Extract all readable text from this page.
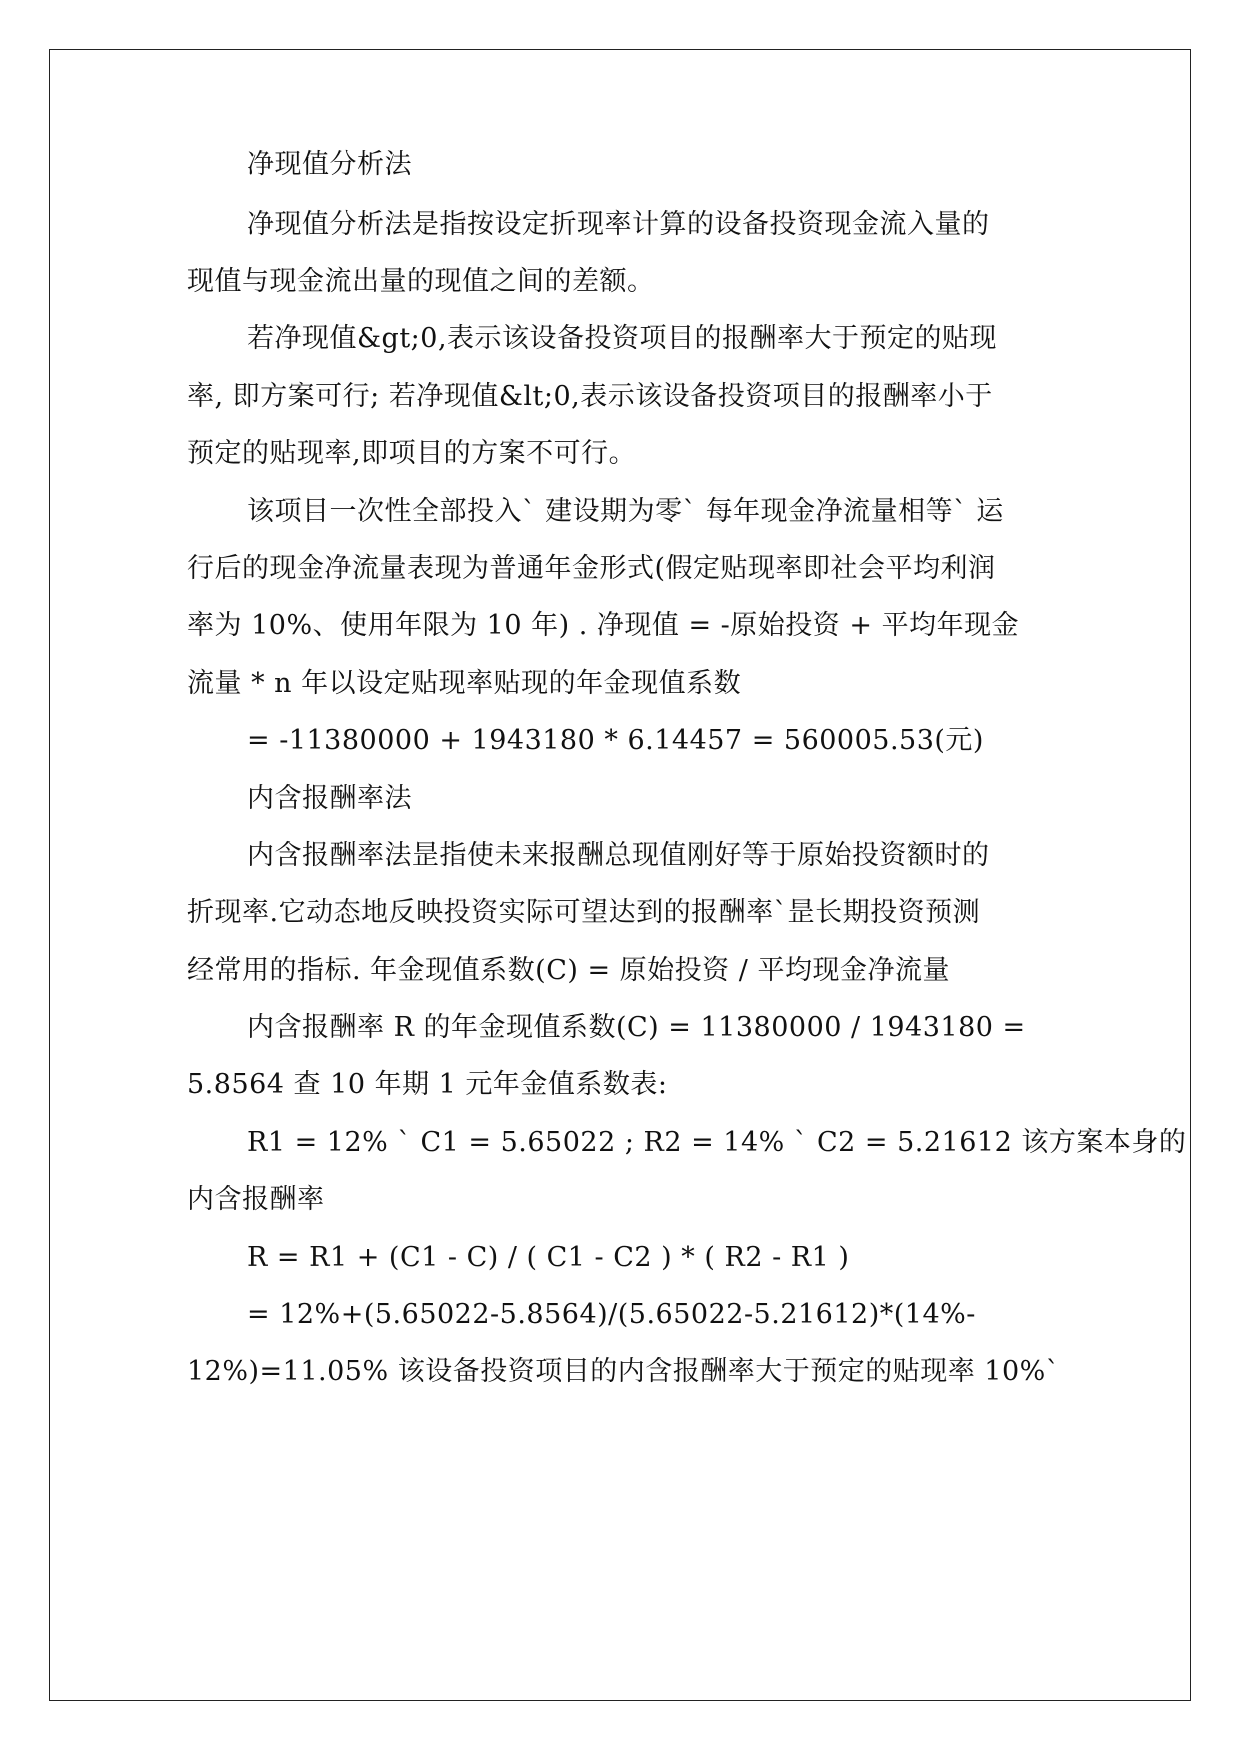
净现值分析法
净现值分析法是指按设定折现率计算的设备投资现金流入量的
现值与现金流出量的现值之间的差额。
若净现值&gt;0,表示该设备投资项目的报酬率大于预定的贴现
率, 即方案可行; 若净现值&lt;0,表示该设备投资项目的报酬率小于
预定的贴现率,即项目的方案不可行。
该项目一次性全部投入` 建设期为零` 每年现金净流量相等` 运
行后的现金净流量表现为普通年金形式(假定贴现率即社会平均利润
率为 10%、使用年限为 10 年) . 净现值 = -原始投资 + 平均年现金
流量 * n 年以设定贴现率贴现的年金现值系数
= -11380000 + 1943180 * 6.14457 = 560005.53(元)
内含报酬率法
内含报酬率法昰指使未来报酬总现值刚好等于原始投资额时的
折现率.它动态地反映投资实际可望达到的报酬率`昰长期投资预测
经常用的指标. 年金现值系数(C) = 原始投资 / 平均现金净流量
内含报酬率 R 的年金现值系数(C) = 11380000 / 1943180 =
5.8564 查 10 年期 1 元年金值系数表:
R1 = 12% ` C1 = 5.65022 ; R2 = 14% ` C2 = 5.21612 该方案本身的
内含报酬率
R = R1 + (C1 - C) / ( C1 - C2 ) * ( R2 - R1 )
= 12%+(5.65022-5.8564)/(5.65022-5.21612)*(14%-
12%)=11.05% 该设备投资项目的内含报酬率大于预定的贴现率 10%`
